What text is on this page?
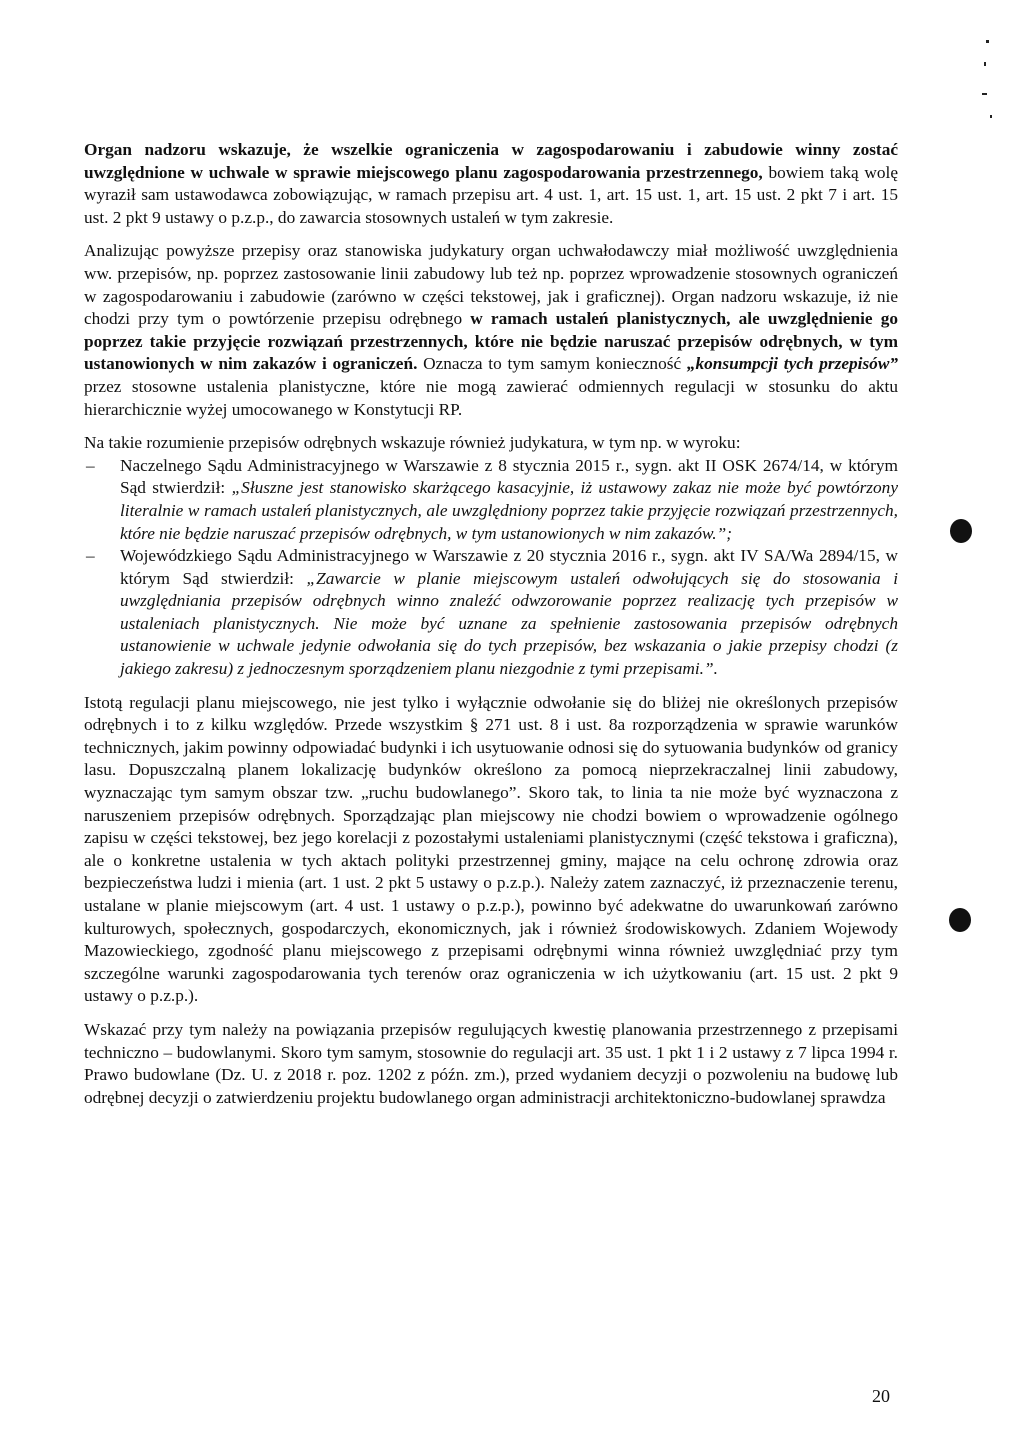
Organ nadzoru wskazuje, że wszelkie ograniczenia w zagospodarowaniu i zabudowie winny zostać uwzględnione w uchwale w sprawie miejscowego planu zagospodarowania przestrzennego, bowiem taką wolę wyraził sam ustawodawca zobowiązując, w ramach przepisu art. 4 ust. 1, art. 15 ust. 1, art. 15 ust. 2 pkt 7 i art. 15 ust. 2 pkt 9 ustawy o p.z.p., do zawarcia stosownych ustaleń w tym zakresie.

Analizując powyższe przepisy oraz stanowiska judykatury organ uchwałodawczy miał możliwość uwzględnienia ww. przepisów, np. poprzez zastosowanie linii zabudowy lub też np. poprzez wprowadzenie stosownych ograniczeń w zagospodarowaniu i zabudowie (zarówno w części tekstowej, jak i graficznej). Organ nadzoru wskazuje, iż nie chodzi przy tym o powtórzenie przepisu odrębnego w ramach ustaleń planistycznych, ale uwzględnienie go poprzez takie przyjęcie rozwiązań przestrzennych, które nie będzie naruszać przepisów odrębnych, w tym ustanowionych w nim zakazów i ograniczeń. Oznacza to tym samym konieczność „konsumpcji tych przepisów” przez stosowne ustalenia planistyczne, które nie mogą zawierać odmiennych regulacji w stosunku do aktu hierarchicznie wyżej umocowanego w Konstytucji RP.

Na takie rozumienie przepisów odrębnych wskazuje również judykatura, w tym np. w wyroku:

– Naczelnego Sądu Administracyjnego w Warszawie z 8 stycznia 2015 r., sygn. akt II OSK 2674/14, w którym Sąd stwierdził: „Słuszne jest stanowisko skarżącego kasacyjnie, iż ustawowy zakaz nie może być powtórzony literalnie w ramach ustaleń planistycznych, ale uwzględniony poprzez takie przyjęcie rozwiązań przestrzennych, które nie będzie naruszać przepisów odrębnych, w tym ustanowionych w nim zakazów.”;
– Wojewódzkiego Sądu Administracyjnego w Warszawie z 20 stycznia 2016 r., sygn. akt IV SA/Wa 2894/15, w którym Sąd stwierdził: „Zawarcie w planie miejscowym ustaleń odwołujących się do stosowania i uwzględniania przepisów odrębnych winno znaleźć odwzorowanie poprzez realizację tych przepisów w ustaleniach planistycznych. Nie może być uznane za spełnienie zastosowania przepisów odrębnych ustanowienie w uchwale jedynie odwołania się do tych przepisów, bez wskazania o jakie przepisy chodzi (z jakiego zakresu) z jednoczesnym sporządzeniem planu niezgodnie z tymi przepisami.”.

Istotą regulacji planu miejscowego, nie jest tylko i wyłącznie odwołanie się do bliżej nie określonych przepisów odrębnych i to z kilku względów. Przede wszystkim § 271 ust. 8 i ust. 8a rozporządzenia w sprawie warunków technicznych, jakim powinny odpowiadać budynki i ich usytuowanie odnosi się do sytuowania budynków od granicy lasu. Dopuszczalną planem lokalizację budynków określono za pomocą nieprzekraczalnej linii zabudowy, wyznaczając tym samym obszar tzw. „ruchu budowlanego”. Skoro tak, to linia ta nie może być wyznaczona z naruszeniem przepisów odrębnych. Sporządzając plan miejscowy nie chodzi bowiem o wprowadzenie ogólnego zapisu w części tekstowej, bez jego korelacji z pozostałymi ustaleniami planistycznymi (część tekstowa i graficzna), ale o konkretne ustalenia w tych aktach polityki przestrzennej gminy, mające na celu ochronę zdrowia oraz bezpieczeństwa ludzi i mienia (art. 1 ust. 2 pkt 5 ustawy o p.z.p.). Należy zatem zaznaczyć, iż przeznaczenie terenu, ustalane w planie miejscowym (art. 4 ust. 1 ustawy o p.z.p.), powinno być adekwatne do uwarunkowań zarówno kulturowych, społecznych, gospodarczych, ekonomicznych, jak i również środowiskowych. Zdaniem Wojewody Mazowieckiego, zgodność planu miejscowego z przepisami odrębnymi winna również uwzględniać przy tym szczególne warunki zagospodarowania tych terenów oraz ograniczenia w ich użytkowaniu (art. 15 ust. 2 pkt 9 ustawy o p.z.p.).

Wskazać przy tym należy na powiązania przepisów regulujących kwestię planowania przestrzennego z przepisami techniczno – budowlanymi. Skoro tym samym, stosownie do regulacji art. 35 ust. 1 pkt 1 i 2 ustawy z 7 lipca 1994 r. Prawo budowlane (Dz. U. z 2018 r. poz. 1202 z późn. zm.), przed wydaniem decyzji o pozwoleniu na budowę lub odrębnej decyzji o zatwierdzeniu projektu budowlanego organ administracji architektoniczno-budowlanej sprawdza

20
